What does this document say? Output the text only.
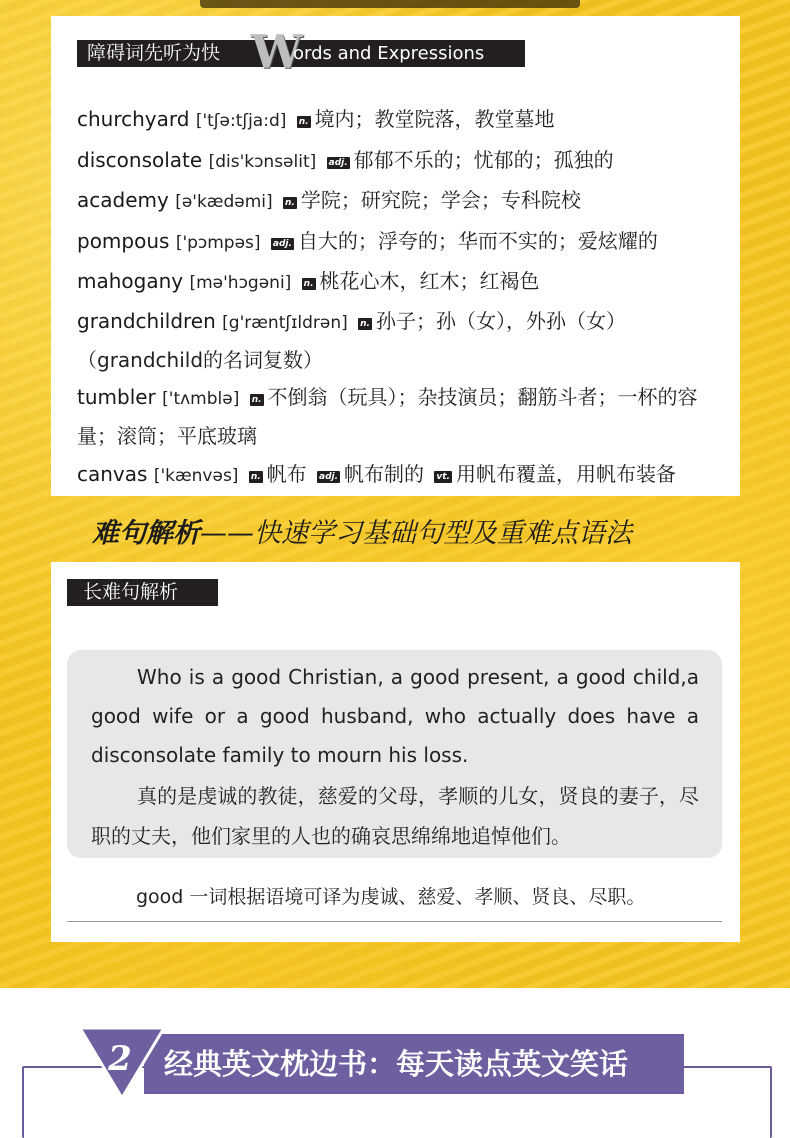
障碍词先听为快 W
ords and Expressions
churchyard ['tʃə:tʃja:d] n. 境内；教堂院落，教堂墓地
disconsolate [dis'kɔnsəlit] adj. 郁郁不乐的；忧郁的；孤独的
academy [ə'kædəmi] n. 学院；研究院；学会；专科院校
pompous ['pɔmpəs] adj. 自大的；浮夸的；华而不实的；爱炫耀的
mahogany [mə'hɔgəni] n. 桃花心木，红木；红褐色
grandchildren [g'ræntʃɪldrən] n. 孙子；孙（女），外孙（女）（grandchild的名词复数）
tumbler ['tʌmblə] n. 不倒翁（玩具）；杂技演员；翻筋斗者；一杯的容量；滚筒；平底玻璃
canvas ['kænvəs] n. 帆布 adj. 帆布制的 vt. 用帆布覆盖，用帆布装备
难句解析——快速学习基础句型及重难点语法
长难句解析

Who is a good Christian, a good present, a good child,a good wife or a good husband, who actually does have a disconsolate family to mourn his loss.

真的是虔诚的教徒，慈爱的父母，孝顺的儿女，贤良的妻子，尽职的丈夫，他们家里的人也的确哀思绵绵地追悼他们。

good 一词根据语境可译为虔诚、慈爱、孝顺、贤良、尽职。
经典英文枕边书：每天读点英文笑话
2
